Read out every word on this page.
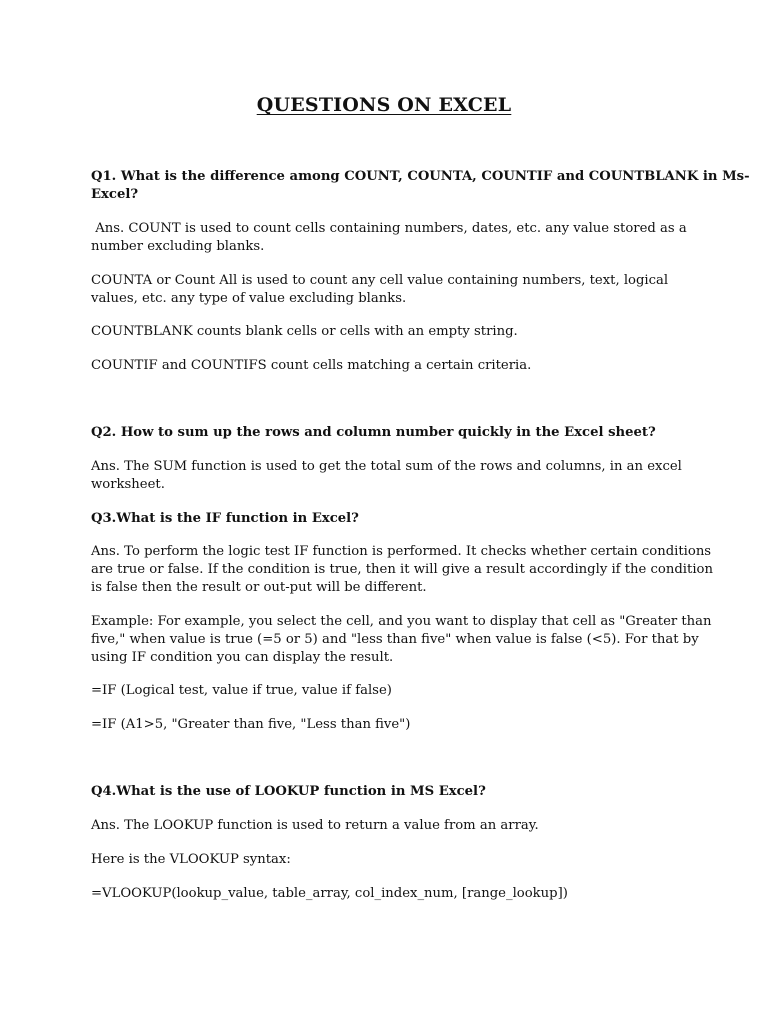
QUESTIONS ON EXCEL

Q1. What is the difference among COUNT, COUNTA, COUNTIF and COUNTBLANK in Ms-

Excel?

Ans. COUNT is used to count cells containing numbers, dates, etc. any value stored as a

number excluding blanks.

COUNTA or Count All is used to count any cell value containing numbers, text, logical

values, etc. any type of value excluding blanks.

COUNTBLANK counts blank cells or cells with an empty string.

COUNTIF and COUNTIFS count cells matching a certain criteria.

Q2. How to sum up the rows and column number quickly in the Excel sheet?

Ans. The SUM function is used to get the total sum of the rows and columns, in an excel

worksheet.

Q3.What is the IF function in Excel?

Ans. To perform the logic test IF function is performed. It checks whether certain conditions

are true or false. If the condition is true, then it will give a result accordingly if the condition

is false then the result or out-put will be different.

Example: For example, you select the cell, and you want to display that cell as "Greater than

five," when value is true (=5 or 5) and "less than five" when value is false (<5). For that by

using IF condition you can display the result.

=IF (Logical test, value if true, value if false)

=IF (A1>5, "Greater than five, "Less than five")

Q4.What is the use of LOOKUP function in MS Excel?

Ans. The LOOKUP function is used to return a value from an array.

Here is the VLOOKUP syntax:

=VLOOKUP(lookup_value, table_array, col_index_num, [range_lookup])
